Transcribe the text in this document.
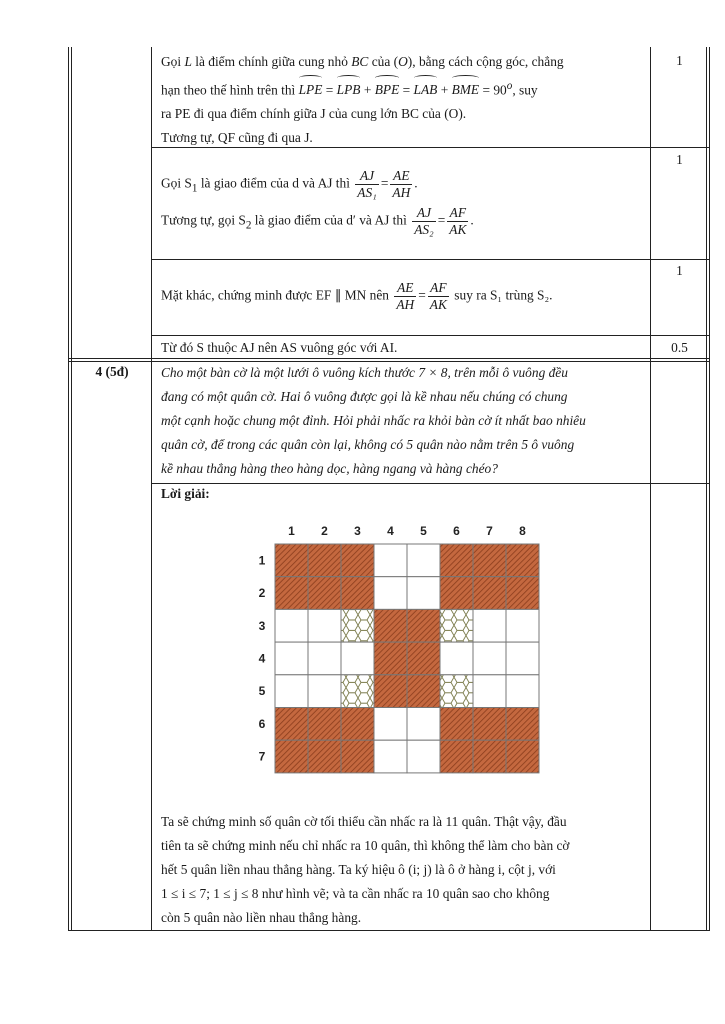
Gọi L là điểm chính giữa cung nhỏ BC của (O), bằng cách cộng góc, chẳng
hạn theo thế hình trên thì LPE = LPB + BPE = LAB + BME = $90^o$, suy
ra PE đi qua điểm chính giữa J của cung lớn BC của (O).
Tương tự, QF cũng đi qua J.
1
1
Gọi $S_1$ là giao điểm của d và AJ thì $\frac{AJ}{\text{AS₁}} = \frac{AE}{AH}$ .
Tương tự, gọi $S_2$ là giao điểm của d′ và AJ thì $\frac{AJ}{\text{AS₂}} = \frac{AF}{AK}$ .
1
Mặt khác, chứng minh được EF ∥ MN nên $\frac{AE}{AH} = \frac{AF}{AK}$ suy ra S₁ trùng S₂.
Từ đó S thuộc AJ nên AS vuông góc với AI.	0.5
4 (5đ)	Cho một bàn cờ là một lưới ô vuông kích thước 7 × 8, trên mỗi ô vuông đều
đang có một quân cờ. Hai ô vuông được gọi là kề nhau nếu chúng có chung
một cạnh hoặc chung một đỉnh. Hỏi phải nhấc ra khỏi bàn cờ ít nhất bao nhiêu
quân cờ, để trong các quân còn lại, không có 5 quân nào nằm trên 5 ô vuông
kề nhau thẳng hàng theo hàng dọc, hàng ngang và hàng chéo?
Lời giải:
1 2 3 4 5 6 7 8
1
2
3
4
5
6
7
Ta sẽ chứng minh số quân cờ tối thiểu cần nhấc ra là 11 quân. Thật vậy, đầu
tiên ta sẽ chứng minh nếu chỉ nhấc ra 10 quân, thì không thể làm cho bàn cờ
hết 5 quân liền nhau thẳng hàng. Ta ký hiệu ô (i; j) là ô ở hàng i, cột j, với
1 ≤ i ≤ 7; 1 ≤ j ≤ 8 như hình vẽ; và ta cần nhấc ra 10 quân sao cho không
còn 5 quân nào liền nhau thẳng hàng.
